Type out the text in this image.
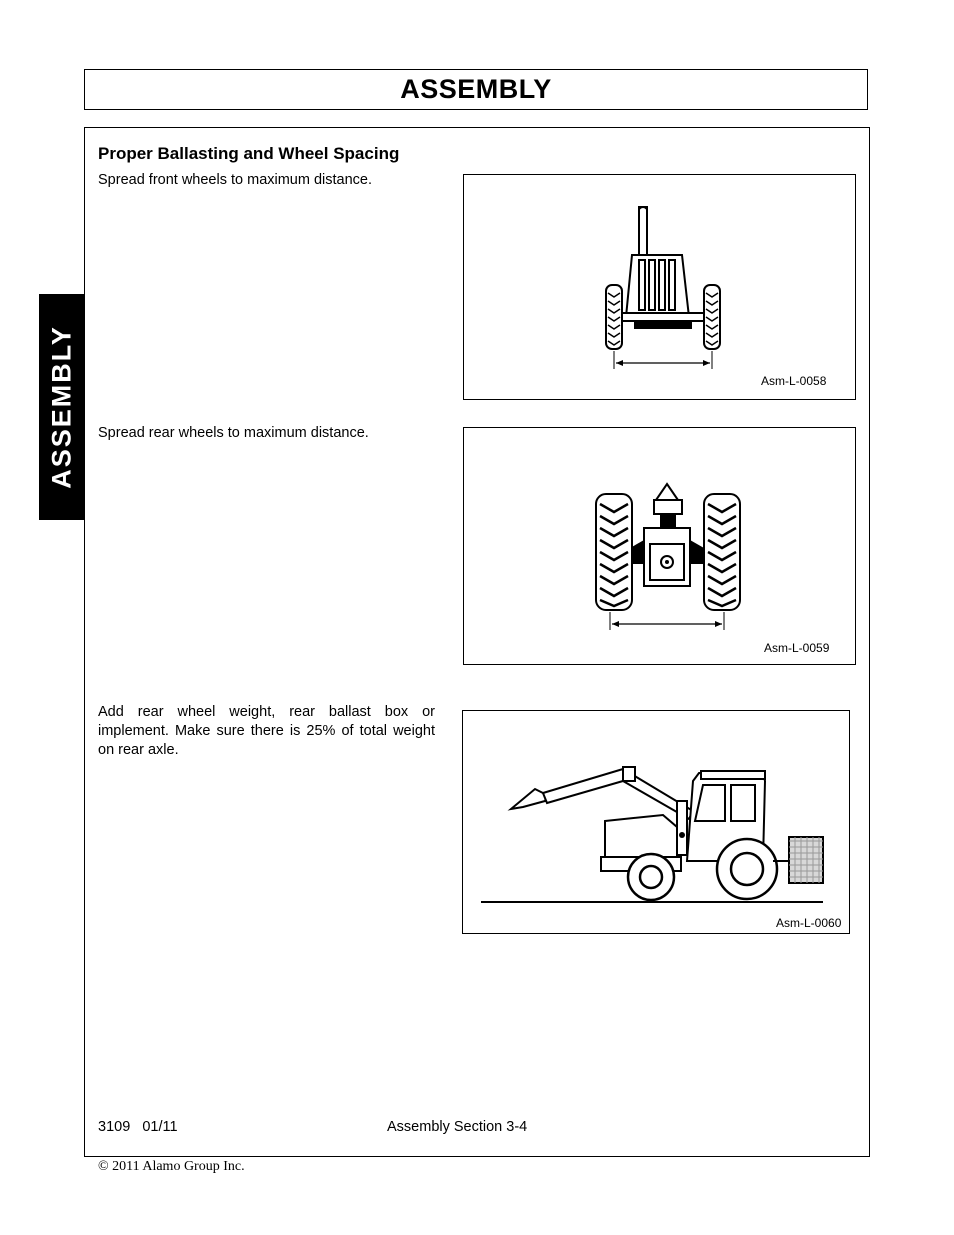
ASSEMBLY
ASSEMBLY
Proper Ballasting and Wheel Spacing
Spread front wheels to maximum distance.
Spread rear wheels to maximum distance.
Add rear wheel weight, rear ballast box or implement. Make sure there is 25% of total weight on rear axle.
Asm-L-0058
Asm-L-0059
Asm-L-0060
3109   01/11	Assembly Section 3-4
© 2011 Alamo Group Inc.
